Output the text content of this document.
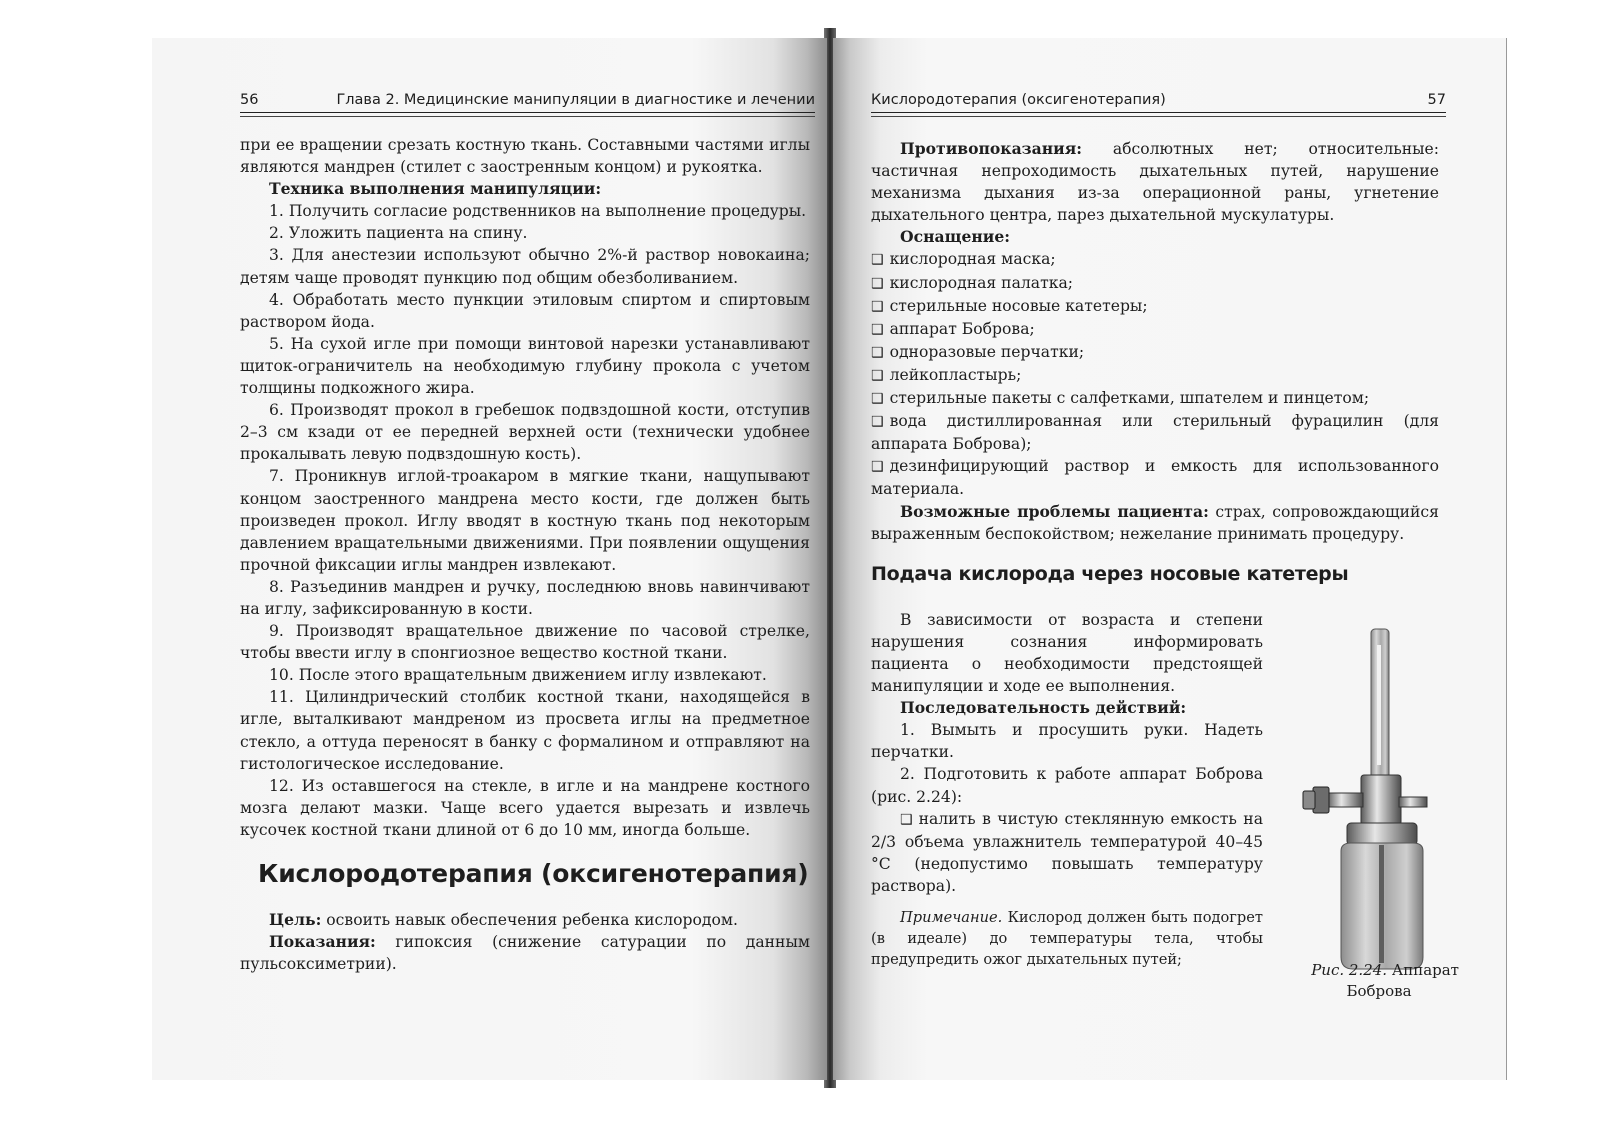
56	Глава 2. Медицинские манипуляции в диагностике и лечении

при ее вращении срезать костную ткань. Составными частями иглы являются мандрен (стилет с заостренным концом) и рукоятка.

Техника выполнения манипуляции:

1. Получить согласие родственников на выполнение процедуры.

2. Уложить пациента на спину.

3. Для анестезии используют обычно 2%-й раствор новокаина; детям чаще проводят пункцию под общим обезболиванием.

4. Обработать место пункции этиловым спиртом и спиртовым раствором йода.

5. На сухой игле при помощи винтовой нарезки устанавливают щиток-ограничитель на необходимую глубину прокола с учетом толщины подкожного жира.

6. Производят прокол в гребешок подвздошной кости, отступив 2–3 см кзади от ее передней верхней ости (технически удобнее прокалывать левую подвздошную кость).

7. Проникнув иглой-троакаром в мягкие ткани, нащупывают концом заостренного мандрена место кости, где должен быть произведен прокол. Иглу вводят в костную ткань под некоторым давлением вращательными движениями. При появлении ощущения прочной фиксации иглы мандрен извлекают.

8. Разъединив мандрен и ручку, последнюю вновь навинчивают на иглу, зафиксированную в кости.

9. Производят вращательное движение по часовой стрелке, чтобы ввести иглу в спонгиозное вещество костной ткани.

10. После этого вращательным движением иглу извлекают.

11. Цилиндрический столбик костной ткани, находящейся в игле, выталкивают мандреном из просвета иглы на предметное стекло, а оттуда переносят в банку с формалином и отправляют на гистологическое исследование.

12. Из оставшегося на стекле, в игле и на мандрене костного мозга делают мазки. Чаще всего удается вырезать и извлечь кусочек костной ткани длиной от 6 до 10 мм, иногда больше.

Кислородотерапия (оксигенотерапия)

Цель: освоить навык обеспечения ребенка кислородом.

Показания: гипоксия (снижение сатурации по данным пульсоксиметрии).

Кислородотерапия (оксигенотерапия)	57

Противопоказания: абсолютных нет; относительные: частичная непроходимость дыхательных путей, нарушение механизма дыхания из-за операционной раны, угнетение дыхательного центра, парез дыхательной мускулатуры.

Оснащение:

❑ кислородная маска;

❑ кислородная палатка;

❑ стерильные носовые катетеры;

❑ аппарат Боброва;

❑ одноразовые перчатки;

❑ лейкопластырь;

❑ стерильные пакеты с салфетками, шпателем и пинцетом;

❑ вода дистиллированная или стерильный фурацилин (для аппарата Боброва);

❑ дезинфицирующий раствор и емкость для использованного материала.

Возможные проблемы пациента: страх, сопровождающийся выраженным беспокойством; нежелание принимать процедуру.

Подача кислорода через носовые катетеры

В зависимости от возраста и степени нарушения сознания информировать пациента о необходимости предстоящей манипуляции и ходе ее выполнения.

Последовательность действий:

1. Вымыть и просушить руки. Надеть перчатки.

2. Подготовить к работе аппарат Боброва (рис. 2.24):

❑ налить в чистую стеклянную емкость на 2/3 объема увлажнитель температурой 40–45 °С (недопустимо повышать температуру раствора).

Примечание. Кислород должен быть подогрет (в идеале) до температуры тела, чтобы предупредить ожог дыхательных путей;

Рис. 2.24. Аппарат
Боброва
